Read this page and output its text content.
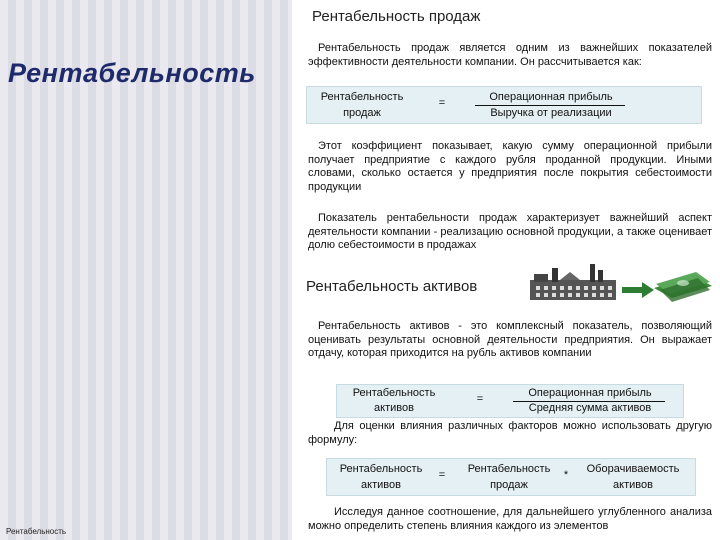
Рентабельность
Рентабельность
Рентабельность продаж
Рентабельность продаж является одним из важнейших показателей эффективности деятельности компании. Он рассчитывается как:
Рентабельность
продаж
=	Операционная прибыль
Выручка от реализации
Этот коэффициент показывает, какую сумму операционной прибыли получает предприятие с каждого рубля проданной продукции. Иными словами, сколько остается у предприятия после покрытия себестоимости продукции
Показатель рентабельности продаж характеризует важнейший аспект деятельности компании - реализацию основной продукции, а также оценивает долю себестоимости в продажах
Рентабельность активов
Рентабельность активов - это комплексный показатель, позволяющий оценивать результаты основной деятельности предприятия. Он выражает отдачу, которая приходится на рубль активов компании
Рентабельность
активов
=	Операционная прибыль
Средняя сумма активов
Для оценки влияния различных факторов можно использовать другую формулу:
Рентабельность
активов
=	Рентабельность
продаж
*	Оборачиваемость
активов
Исследуя данное соотношение, для дальнейшего углубленного анализа можно определить степень влияния каждого из элементов
